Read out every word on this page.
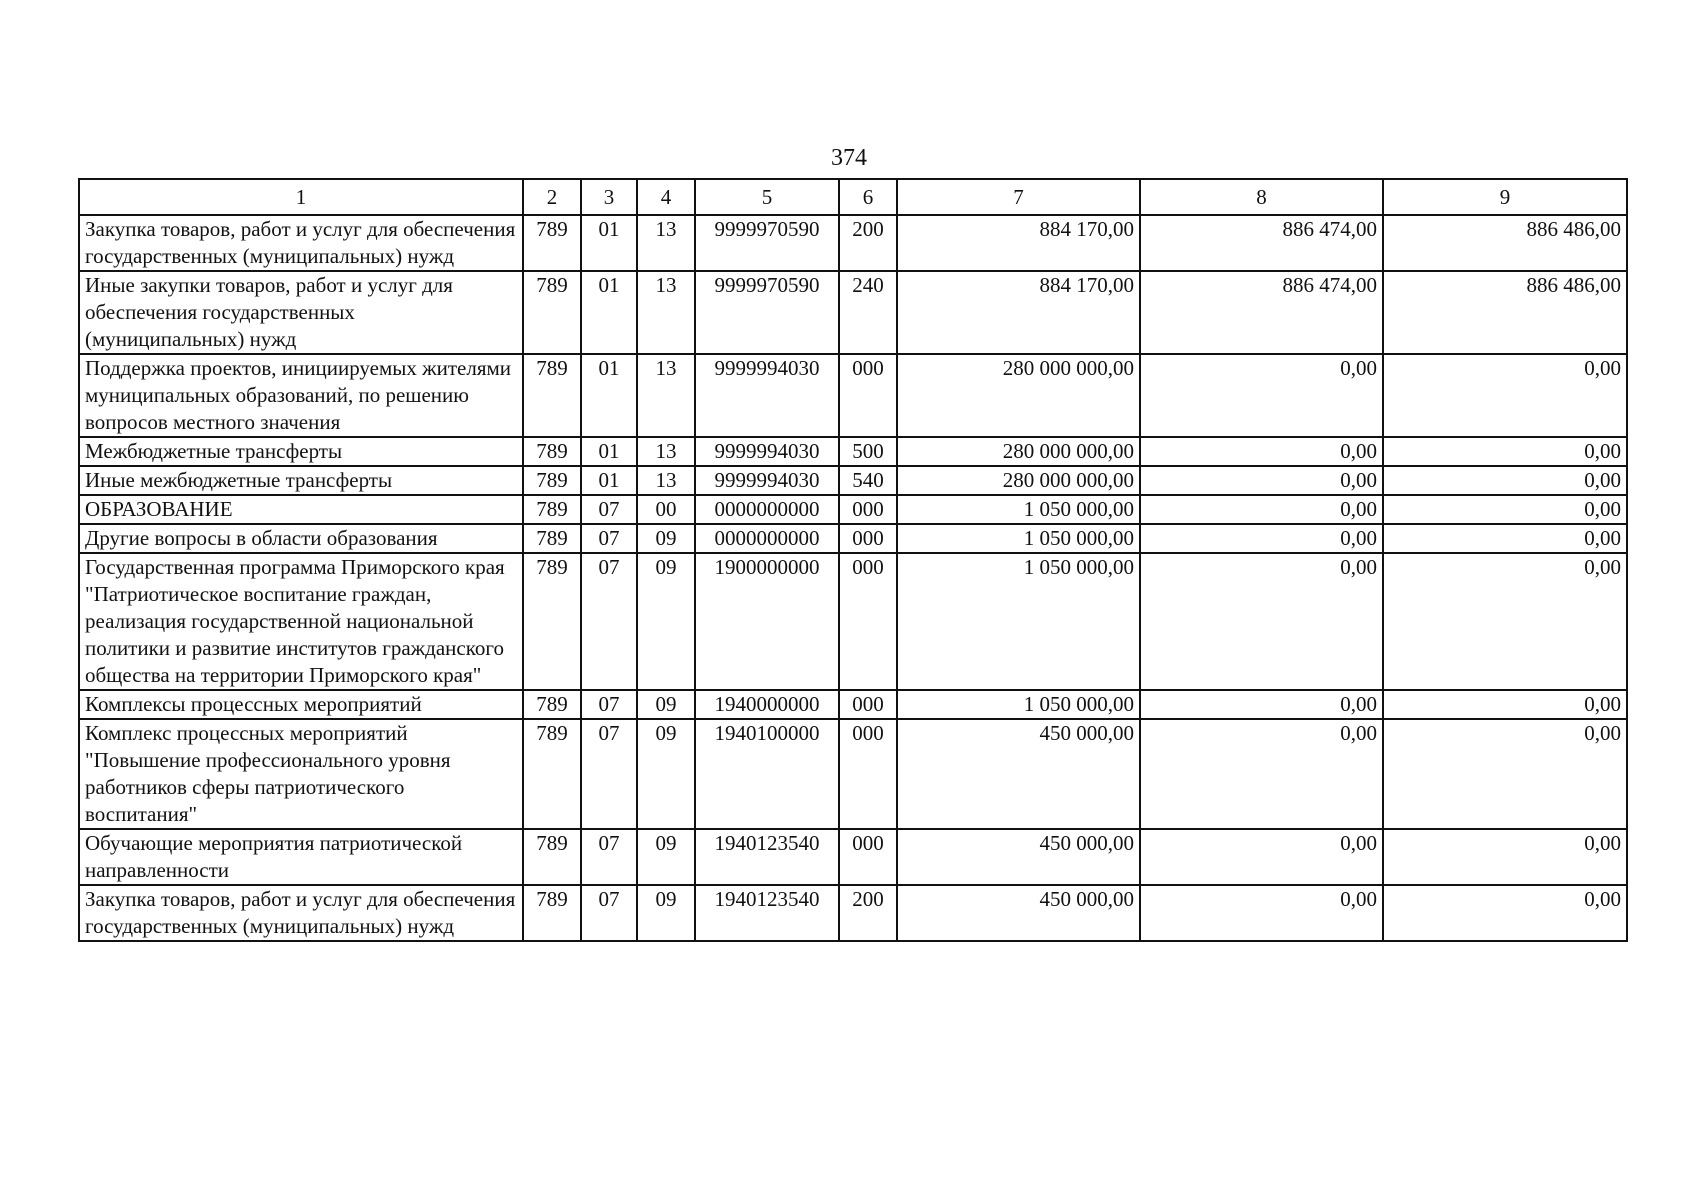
374
1	2	3	4	5	6	7	8	9
Закупка товаров, работ и услуг для обеспечения государственных (муниципальных) нужд	789	01	13	9999970590	200	884 170,00	886 474,00	886 486,00
Иные закупки товаров, работ и услуг для обеспечения государственных (муниципальных) нужд	789	01	13	9999970590	240	884 170,00	886 474,00	886 486,00
Поддержка проектов, инициируемых жителями муниципальных образований, по решению вопросов местного значения	789	01	13	9999994030	000	280 000 000,00	0,00	0,00
Межбюджетные трансферты	789	01	13	9999994030	500	280 000 000,00	0,00	0,00
Иные межбюджетные трансферты	789	01	13	9999994030	540	280 000 000,00	0,00	0,00
ОБРАЗОВАНИЕ	789	07	00	0000000000	000	1 050 000,00	0,00	0,00
Другие вопросы в области образования	789	07	09	0000000000	000	1 050 000,00	0,00	0,00
Государственная программа Приморского края "Патриотическое воспитание граждан, реализация государственной национальной политики и развитие институтов гражданского общества на территории Приморского края"	789	07	09	1900000000	000	1 050 000,00	0,00	0,00
Комплексы процессных мероприятий	789	07	09	1940000000	000	1 050 000,00	0,00	0,00
Комплекс процессных мероприятий "Повышение профессионального уровня работников сферы патриотического воспитания"	789	07	09	1940100000	000	450 000,00	0,00	0,00
Обучающие мероприятия патриотической направленности	789	07	09	1940123540	000	450 000,00	0,00	0,00
Закупка товаров, работ и услуг для обеспечения государственных (муниципальных) нужд	789	07	09	1940123540	200	450 000,00	0,00	0,00
